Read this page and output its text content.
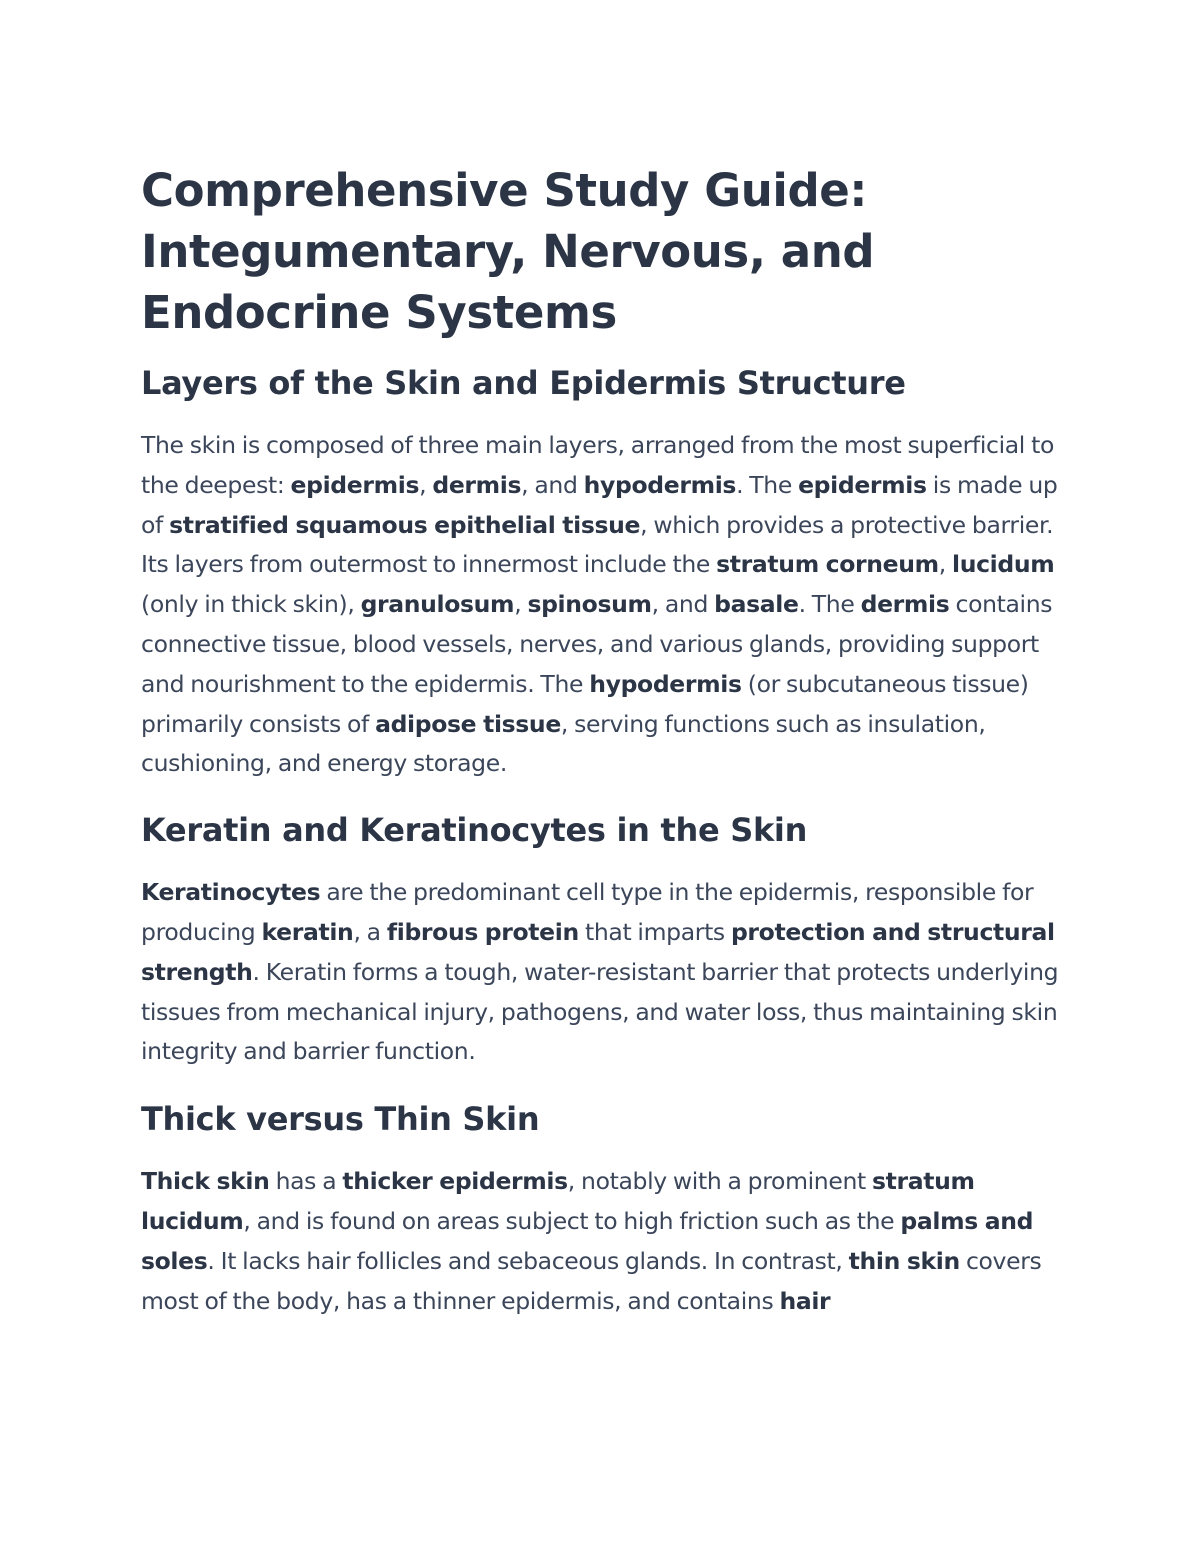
Comprehensive Study Guide: Integumentary, Nervous, and Endocrine Systems
Layers of the Skin and Epidermis Structure

The skin is composed of three main layers, arranged from the most superficial to the deepest: epidermis, dermis, and hypodermis. The epidermis is made up of stratified squamous epithelial tissue, which provides a protective barrier. Its layers from outermost to innermost include the stratum corneum, lucidum (only in thick skin), granulosum, spinosum, and basale. The dermis contains connective tissue, blood vessels, nerves, and various glands, providing support and nourishment to the epidermis. The hypodermis (or subcutaneous tissue) primarily consists of adipose tissue, serving functions such as insulation, cushioning, and energy storage.

Keratin and Keratinocytes in the Skin

Keratinocytes are the predominant cell type in the epidermis, responsible for producing keratin, a fibrous protein that imparts protection and structural strength. Keratin forms a tough, water-resistant barrier that protects underlying tissues from mechanical injury, pathogens, and water loss, thus maintaining skin integrity and barrier function.

Thick versus Thin Skin

Thick skin has a thicker epidermis, notably with a prominent stratum lucidum, and is found on areas subject to high friction such as the palms and soles. It lacks hair follicles and sebaceous glands. In contrast, thin skin covers most of the body, has a thinner epidermis, and contains hair
